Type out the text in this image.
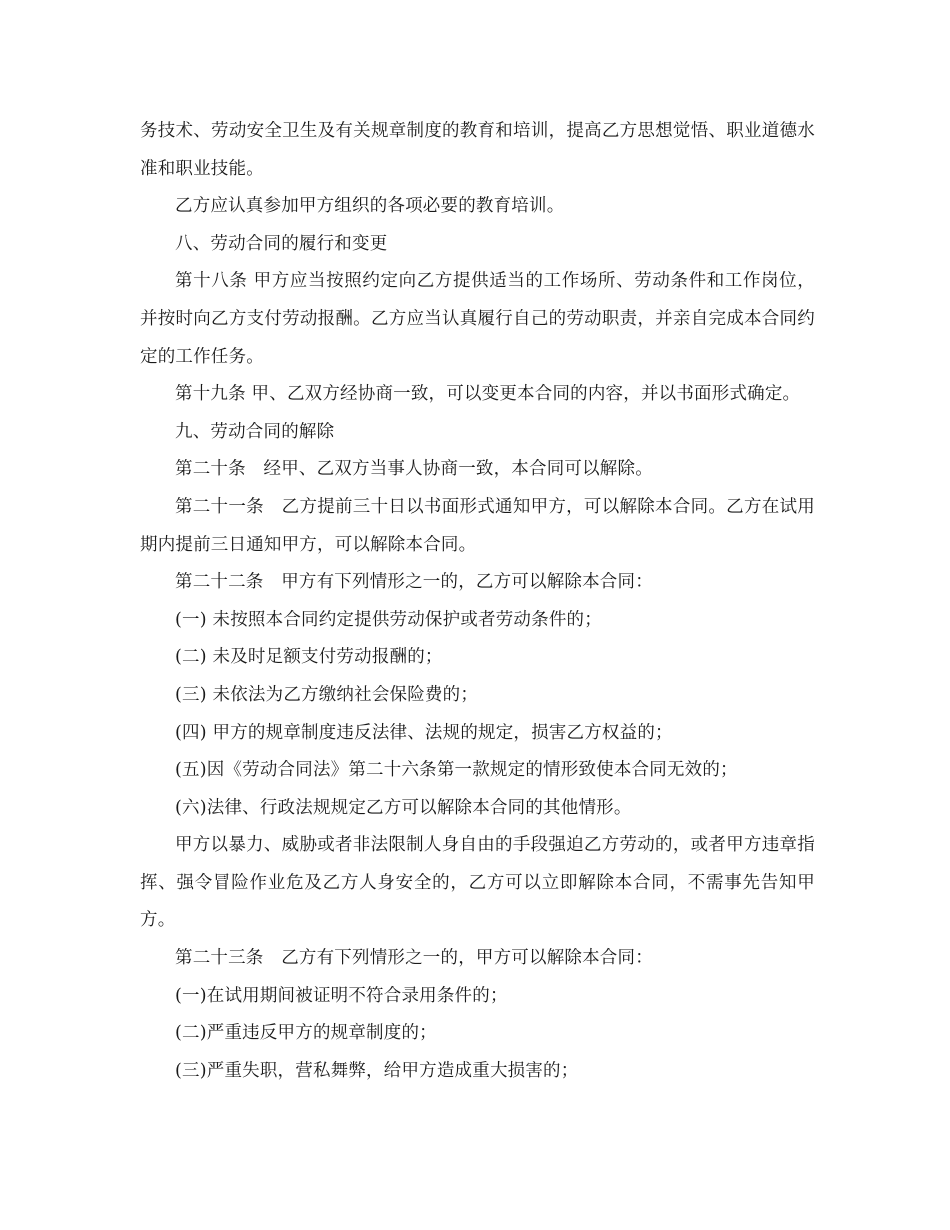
务技术、劳动安全卫生及有关规章制度的教育和培训，提高乙方思想觉悟、职业道德水准和职业技能。

乙方应认真参加甲方组织的各项必要的教育培训。

八、劳动合同的履行和变更

第十八条 甲方应当按照约定向乙方提供适当的工作场所、劳动条件和工作岗位，并按时向乙方支付劳动报酬。乙方应当认真履行自己的劳动职责，并亲自完成本合同约定的工作任务。

第十九条 甲、乙双方经协商一致，可以变更本合同的内容，并以书面形式确定。

九、劳动合同的解除

第二十条　经甲、乙双方当事人协商一致，本合同可以解除。

第二十一条　乙方提前三十日以书面形式通知甲方，可以解除本合同。乙方在试用期内提前三日通知甲方，可以解除本合同。

第二十二条　甲方有下列情形之一的，乙方可以解除本合同：

(一) 未按照本合同约定提供劳动保护或者劳动条件的；

(二) 未及时足额支付劳动报酬的；

(三) 未依法为乙方缴纳社会保险费的；

(四) 甲方的规章制度违反法律、法规的规定，损害乙方权益的；

(五)因《劳动合同法》第二十六条第一款规定的情形致使本合同无效的；

(六)法律、行政法规规定乙方可以解除本合同的其他情形。

甲方以暴力、威胁或者非法限制人身自由的手段强迫乙方劳动的，或者甲方违章指挥、强令冒险作业危及乙方人身安全的，乙方可以立即解除本合同，不需事先告知甲方。

第二十三条　乙方有下列情形之一的，甲方可以解除本合同：

(一)在试用期间被证明不符合录用条件的；

(二)严重违反甲方的规章制度的；

(三)严重失职，营私舞弊，给甲方造成重大损害的；
